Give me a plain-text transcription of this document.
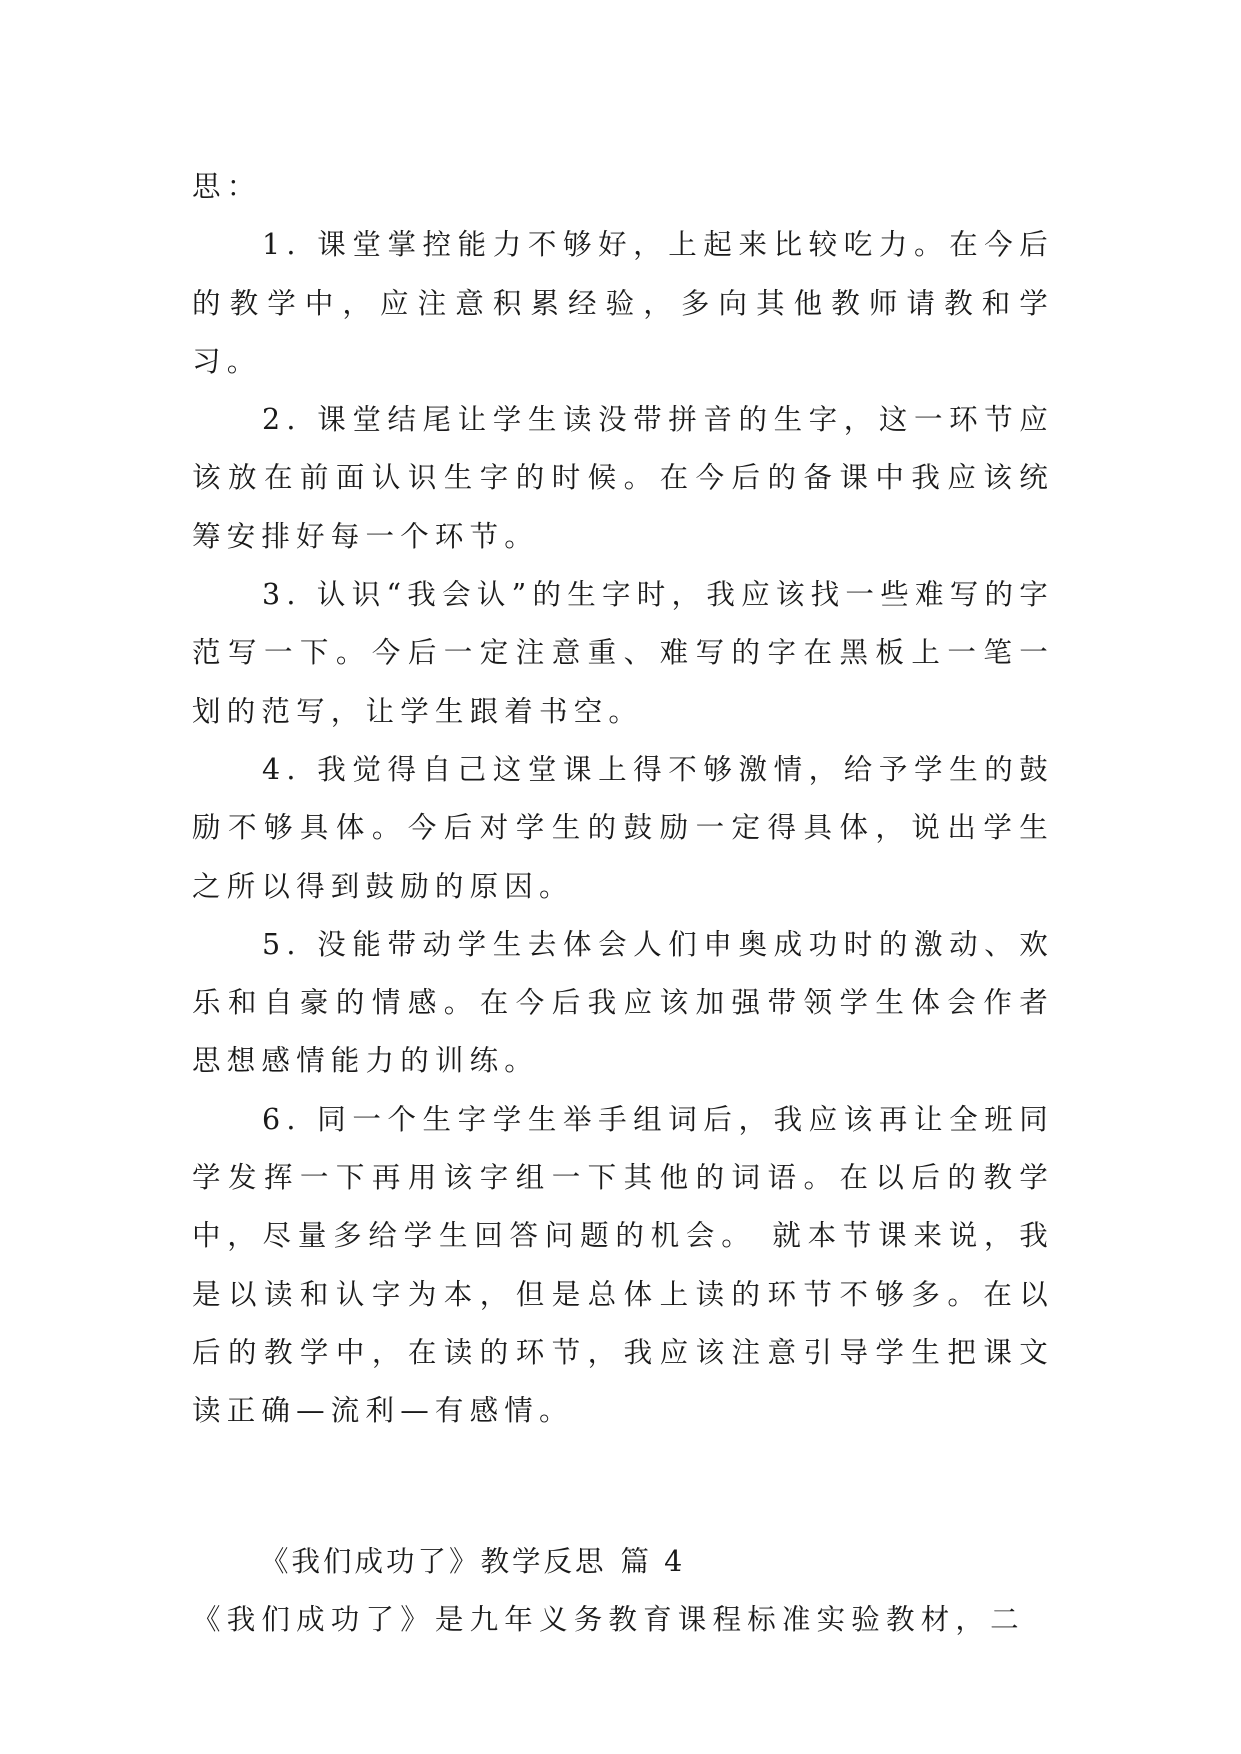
思：

1. 课堂掌控能力不够好，上起来比较吃力。在今后的教学中，应注意积累经验，多向其他教师请教和学习。

2. 课堂结尾让学生读没带拼音的生字，这一环节应该放在前面认识生字的时候。在今后的备课中我应该统筹安排好每一个环节。

3. 认识“我会认”的生字时，我应该找一些难写的字范写一下。今后一定注意重、难写的字在黑板上一笔一划的范写，让学生跟着书空。

4. 我觉得自己这堂课上得不够激情，给予学生的鼓励不够具体。今后对学生的鼓励一定得具体，说出学生之所以得到鼓励的原因。

5. 没能带动学生去体会人们申奥成功时的激动、欢乐和自豪的情感。在今后我应该加强带领学生体会作者思想感情能力的训练。

6. 同一个生字学生举手组词后，我应该再让全班同学发挥一下再用该字组一下其他的词语。在以后的教学中，尽量多给学生回答问题的机会。 就本节课来说，我是以读和认字为本，但是总体上读的环节不够多。在以后的教学中，在读的环节，我应该注意引导学生把课文读正确—流利—有感情。

《我们成功了》教学反思 篇 4

《我们成功了》是九年义务教育课程标准实验教材，二
